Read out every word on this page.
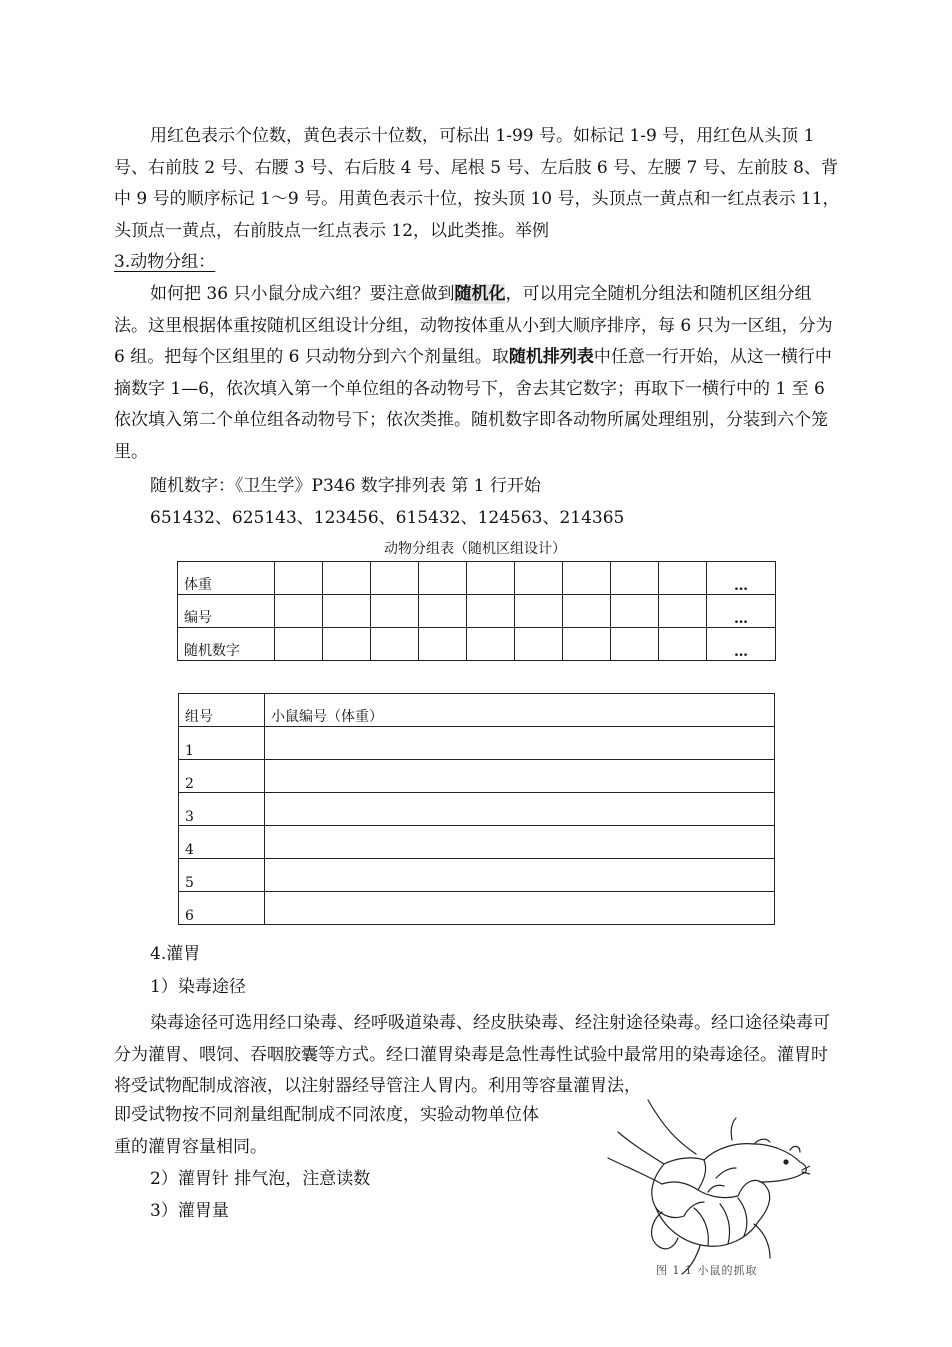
用红色表示个位数，黄色表示十位数，可标出 1-99 号。如标记 1-9 号，用红色从头顶 1 号、右前肢 2 号、右腰 3 号、右后肢 4 号、尾根 5 号、左后肢 6 号、左腰 7 号、左前肢 8、背中 9 号的顺序标记 1～9 号。用黄色表示十位，按头顶 10 号，头顶点一黄点和一红点表示 11，头顶点一黄点，右前肢点一红点表示 12，以此类推。举例

3.动物分组：

如何把 36 只小鼠分成六组？要注意做到随机化，可以用完全随机分组法和随机区组分组法。这里根据体重按随机区组设计分组，动物按体重从小到大顺序排序，每 6 只为一区组，分为 6 组。把每个区组里的 6 只动物分到六个剂量组。取随机排列表中任意一行开始，从这一横行中摘数字 1—6，依次填入第一个单位组的各动物号下，舍去其它数字；再取下一横行中的 1 至 6 依次填入第二个单位组各动物号下；依次类推。随机数字即各动物所属处理组别，分装到六个笼里。

随机数字：《卫生学》P346 数字排列表 第 1 行开始

651432、625143、123456、615432、124563、214365

动物分组表（随机区组设计）
体重										…
编号										…
随机数字										…
组号	小鼠编号（体重）
1	
2	
3	
4	
5	
6	

4.灌胃

1）染毒途径

染毒途径可选用经口染毒、经呼吸道染毒、经皮肤染毒、经注射途径染毒。经口途径染毒可分为灌胃、喂饲、吞咽胶囊等方式。经口灌胃染毒是急性毒性试验中最常用的染毒途径。灌胃时将受试物配制成溶液，以注射器经导管注人胃内。利用等容量灌胃法，

即受试物按不同剂量组配制成不同浓度，实验动物单位体

重的灌胃容量相同。

2）灌胃针 排气泡，注意读数

3）灌胃量

图 1 1 小鼠的抓取
